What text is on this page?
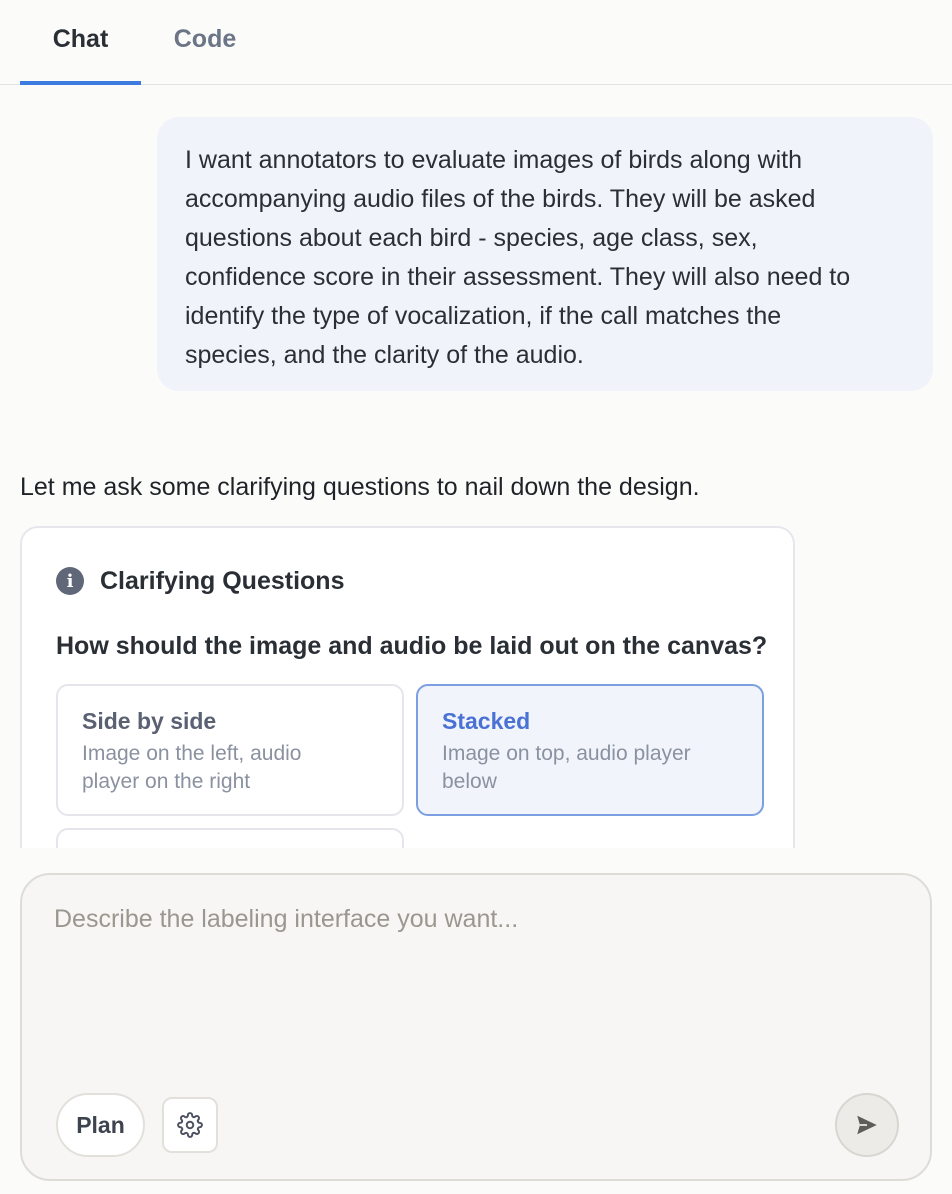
Chat	Code
I want annotators to evaluate images of birds along with
accompanying audio files of the birds. They will be asked
questions about each bird - species, age class, sex,
confidence score in their assessment. They will also need to
identify the type of vocalization, if the call matches the
species, and the clarity of the audio.
Let me ask some clarifying questions to nail down the design.
i	Clarifying Questions
How should the image and audio be laid out on the canvas?
Side by side
Image on the left, audio
player on the right
Stacked
Image on top, audio player
below
Describe the labeling interface you want...
Plan
